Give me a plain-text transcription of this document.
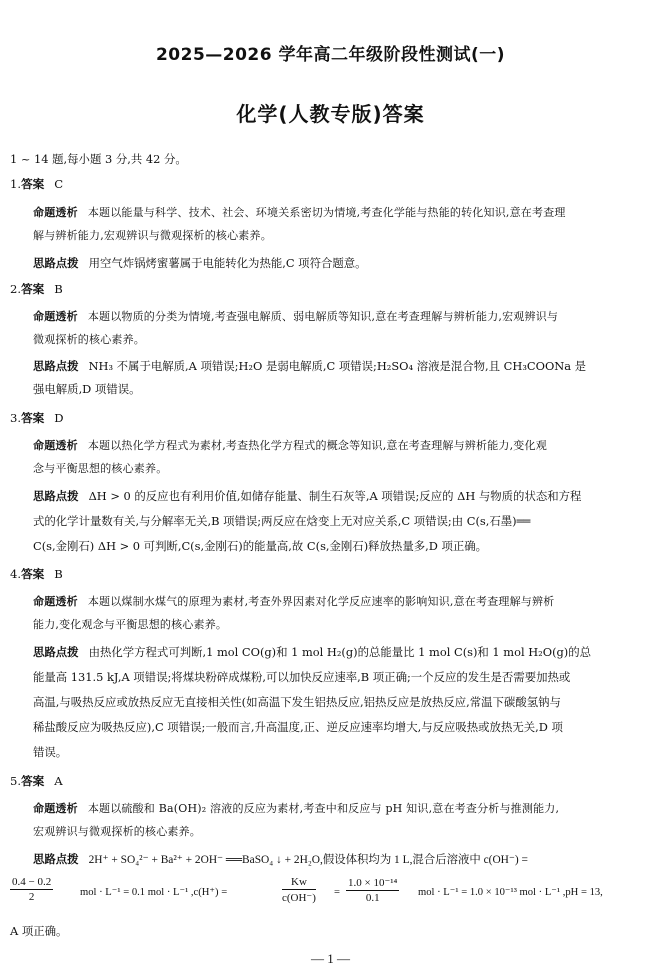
2025—2026 学年高二年级阶段性测试(一)
化学(人教专版)答案
1 ~ 14 题,每小题 3 分,共 42 分。
1.答案 C
命题透析 本题以能量与科学、技术、社会、环境关系密切为情境,考查化学能与热能的转化知识,意在考查理
解与辨析能力,宏观辨识与微观探析的核心素养。
思路点拨 用空气炸锅烤蜜薯属于电能转化为热能,C 项符合题意。
2.答案 B
命题透析 本题以物质的分类为情境,考查强电解质、弱电解质等知识,意在考查理解与辨析能力,宏观辨识与
微观探析的核心素养。
思路点拨 NH₃ 不属于电解质,A 项错误;H₂O 是弱电解质,C 项错误;H₂SO₄ 溶液是混合物,且 CH₃COONa 是
强电解质,D 项错误。
3.答案 D
命题透析 本题以热化学方程式为素材,考查热化学方程式的概念等知识,意在考查理解与辨析能力,变化观
念与平衡思想的核心素养。
思路点拨 ΔH > 0 的反应也有利用价值,如储存能量、制生石灰等,A 项错误;反应的 ΔH 与物质的状态和方程
式的化学计量数有关,与分解率无关,B 项错误;两反应在焓变上无对应关系,C 项错误;由 C(s,石墨)══
C(s,金刚石) ΔH > 0 可判断,C(s,金刚石)的能量高,故 C(s,金刚石)释放热量多,D 项正确。
4.答案 B
命题透析 本题以煤制水煤气的原理为素材,考查外界因素对化学反应速率的影响知识,意在考查理解与辨析
能力,变化观念与平衡思想的核心素养。
思路点拨 由热化学方程式可判断,1 mol CO(g)和 1 mol H₂(g)的总能量比 1 mol C(s)和 1 mol H₂O(g)的总
能量高 131.5 kJ,A 项错误;将煤块粉碎成煤粉,可以加快反应速率,B 项正确;一个反应的发生是否需要加热或
高温,与吸热反应或放热反应无直接相关性(如高温下发生铝热反应,铝热反应是放热反应,常温下碳酸氢钠与
稀盐酸反应为吸热反应),C 项错误;一般而言,升高温度,正、逆反应速率均增大,与反应吸热或放热无关,D 项
错误。
5.答案 A
命题透析 本题以硫酸和 Ba(OH)₂ 溶液的反应为素材,考查中和反应与 pH 知识,意在考查分析与推测能力,
宏观辨识与微观探析的核心素养。
思路点拨 2H⁺ + SO₄²⁻ + Ba²⁺ + 2OH⁻ ══BaSO₄ ↓ + 2H₂O,假设体积均为 1 L,混合后溶液中 c(OH⁻) =
$\frac{0.4 - 0.2}{2}$	mol · L⁻¹ = 0.1 mol · L⁻¹ ,c(H⁺) =	$\frac{Kw}{c(OH^-)} = \frac{\text{1.0 × 10⁻¹⁴}}{0.1}$ mol · L⁻¹ = 1.0 × 10⁻¹³ mol · L⁻¹ ,pH = 13,
A 项正确。
— 1 —
